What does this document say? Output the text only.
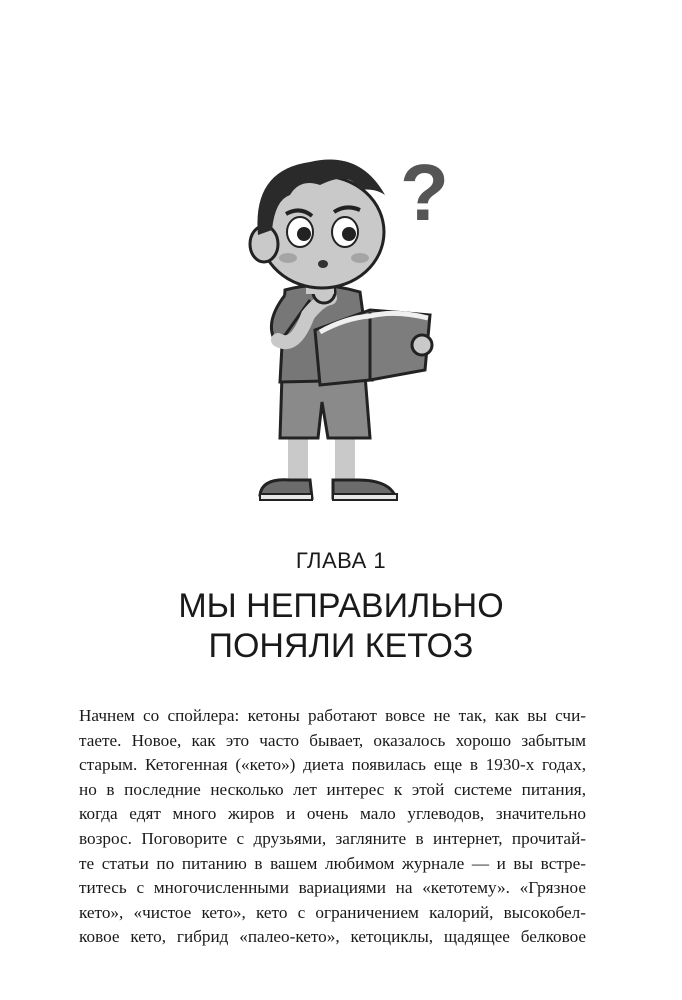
?
ГЛАВА 1
МЫ НЕПРАВИЛЬНО
ПОНЯЛИ КЕТОЗ
Начнем со спойлера: кетоны работают вовсе не так, как вы счи-
таете. Новое, как это часто бывает, оказалось хорошо забытым
старым. Кетогенная («кето») диета появилась еще в 1930-х годах,
но в последние несколько лет интерес к этой системе питания,
когда едят много жиров и очень мало углеводов, значительно
возрос. Поговорите с друзьями, загляните в интернет, прочитай-
те статьи по питанию в вашем любимом журнале — и вы встре-
титесь с многочисленными вариациями на «кетотему». «Грязное
кето», «чистое кето», кето с ограничением калорий, высокобел-
ковое кето, гибрид «палео-кето», кетоциклы, щадящее белковое
